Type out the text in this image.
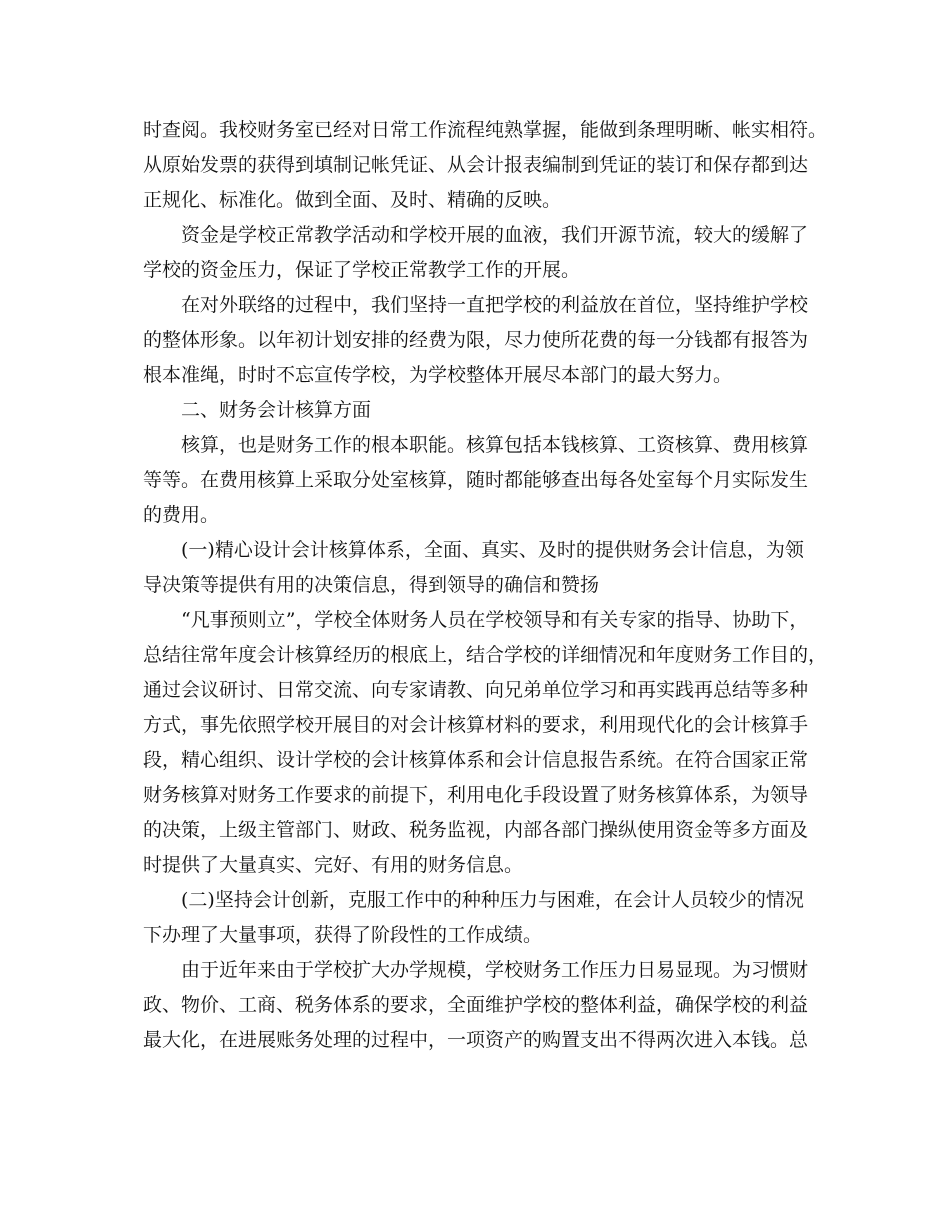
时查阅。我校财务室已经对日常工作流程纯熟掌握，能做到条理明晰、帐实相符。
从原始发票的获得到填制记帐凭证、从会计报表编制到凭证的装订和保存都到达
正规化、标准化。做到全面、及时、精确的反映。
资金是学校正常教学活动和学校开展的血液，我们开源节流，较大的缓解了
学校的资金压力，保证了学校正常教学工作的开展。
在对外联络的过程中，我们坚持一直把学校的利益放在首位，坚持维护学校
的整体形象。以年初计划安排的经费为限，尽力使所花费的每一分钱都有报答为
根本准绳，时时不忘宣传学校，为学校整体开展尽本部门的最大努力。
二、财务会计核算方面
核算，也是财务工作的根本职能。核算包括本钱核算、工资核算、费用核算
等等。在费用核算上采取分处室核算，随时都能够查出每各处室每个月实际发生
的费用。
(一)精心设计会计核算体系，全面、真实、及时的提供财务会计信息，为领
导决策等提供有用的决策信息，得到领导的确信和赞扬
“凡事预则立”，学校全体财务人员在学校领导和有关专家的指导、协助下，
总结往常年度会计核算经历的根底上，结合学校的详细情况和年度财务工作目的，
通过会议研讨、日常交流、向专家请教、向兄弟单位学习和再实践再总结等多种
方式，事先依照学校开展目的对会计核算材料的要求，利用现代化的会计核算手
段，精心组织、设计学校的会计核算体系和会计信息报告系统。在符合国家正常
财务核算对财务工作要求的前提下，利用电化手段设置了财务核算体系，为领导
的决策，上级主管部门、财政、税务监视，内部各部门操纵使用资金等多方面及
时提供了大量真实、完好、有用的财务信息。
(二)坚持会计创新，克服工作中的种种压力与困难，在会计人员较少的情况
下办理了大量事项，获得了阶段性的工作成绩。
由于近年来由于学校扩大办学规模，学校财务工作压力日易显现。为习惯财
政、物价、工商、税务体系的要求，全面维护学校的整体利益，确保学校的利益
最大化，在进展账务处理的过程中，一项资产的购置支出不得两次进入本钱。总
